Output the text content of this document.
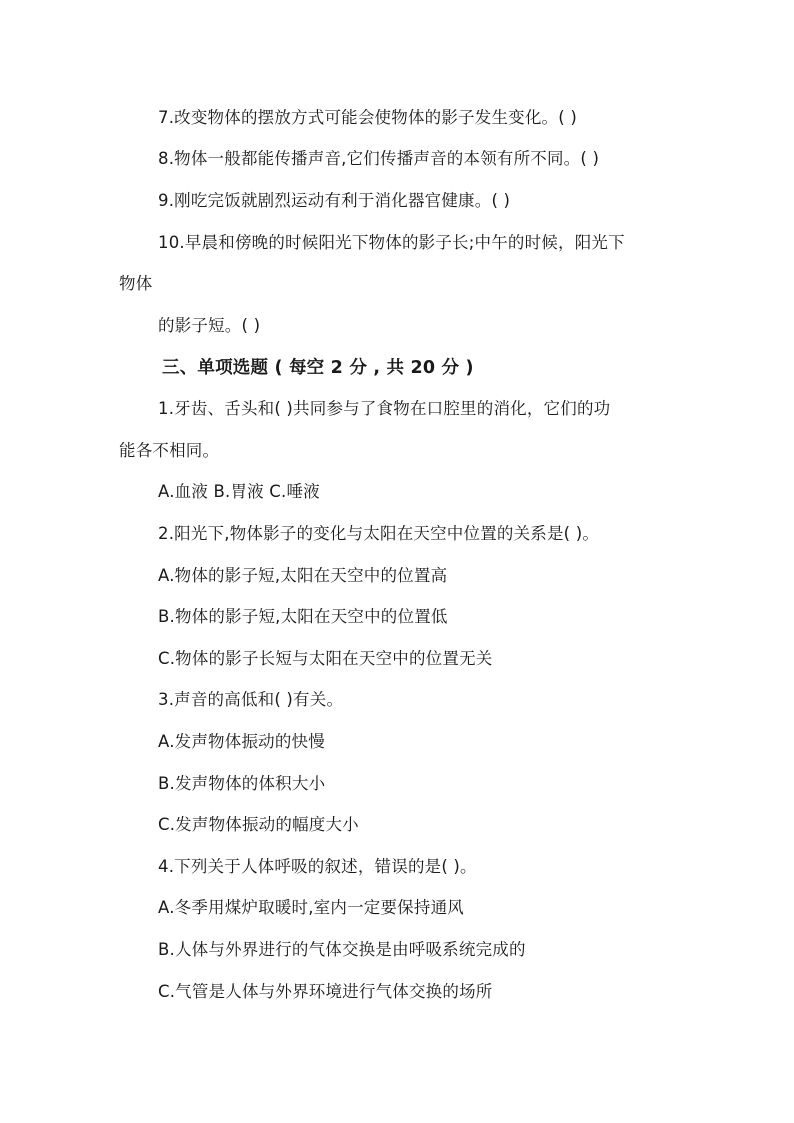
7.改变物体的摆放方式可能会使物体的影子发生变化。( )
8.物体一般都能传播声音,它们传播声音的本领有所不同。( )
9.刚吃完饭就剧烈运动有利于消化器官健康。( )
10.早晨和傍晚的时候阳光下物体的影子长;中午的时候，阳光下
物体
的影子短。( )
三、单项选题 ( 每空 2 分 , 共 20 分 )
1.牙齿、舌头和( )共同参与了食物在口腔里的消化，它们的功
能各不相同。
A.血液 B.胃液 C.唾液
2.阳光下,物体影子的变化与太阳在天空中位置的关系是( )。
A.物体的影子短,太阳在天空中的位置高
B.物体的影子短,太阳在天空中的位置低
C.物体的影子长短与太阳在天空中的位置无关
3.声音的高低和( )有关。
A.发声物体振动的快慢
B.发声物体的体积大小
C.发声物体振动的幅度大小
4.下列关于人体呼吸的叙述，错误的是( )。
A.冬季用煤炉取暖时,室内一定要保持通风
B.人体与外界进行的气体交换是由呼吸系统完成的
C.气管是人体与外界环境进行气体交换的场所
